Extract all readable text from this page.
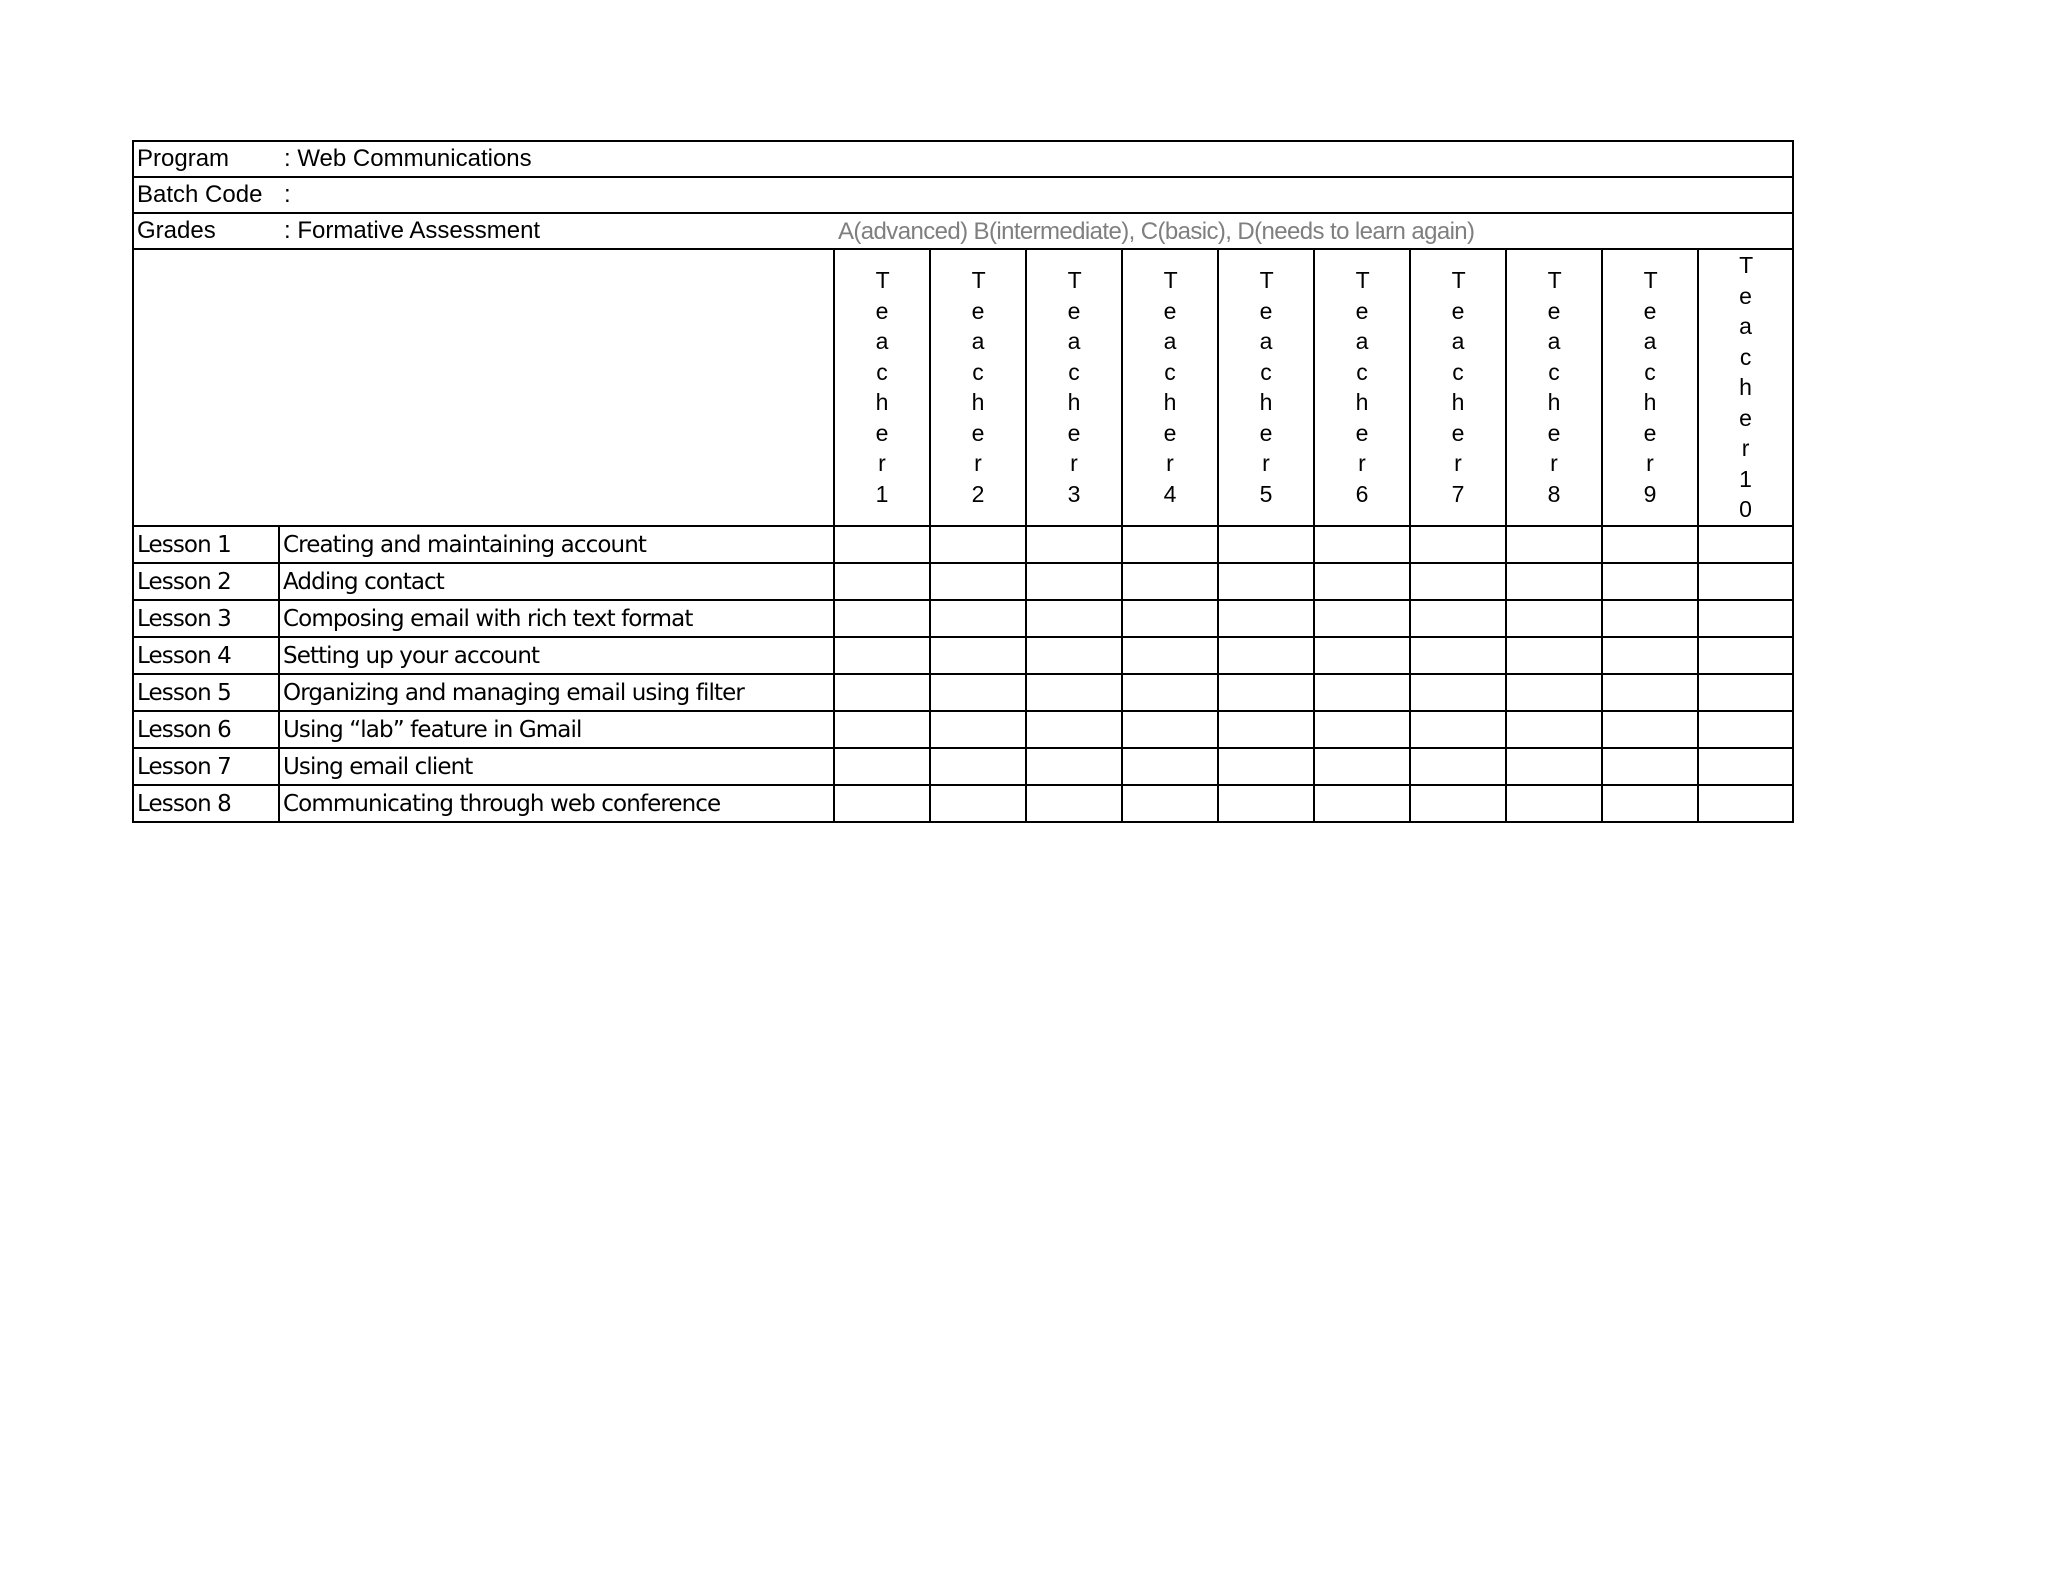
Program : Web Communications											

Batch Code :											

Grades : Formative Assessment A(advanced) B(intermediate), C(basic), D(needs to learn again)											

		Teacher1	Teacher2	Teacher3	Teacher4	Teacher5	Teacher6	Teacher7	Teacher8	Teacher9	Teacher10
Lesson 1	Creating and maintaining account										
Lesson 2	Adding contact										
Lesson 3	Composing email with rich text format										
Lesson 4	Setting up your account										
Lesson 5	Organizing and managing email using filter										
Lesson 6	Using “lab” feature in Gmail										
Lesson 7	Using email client										
Lesson 8	Communicating through web conference										
